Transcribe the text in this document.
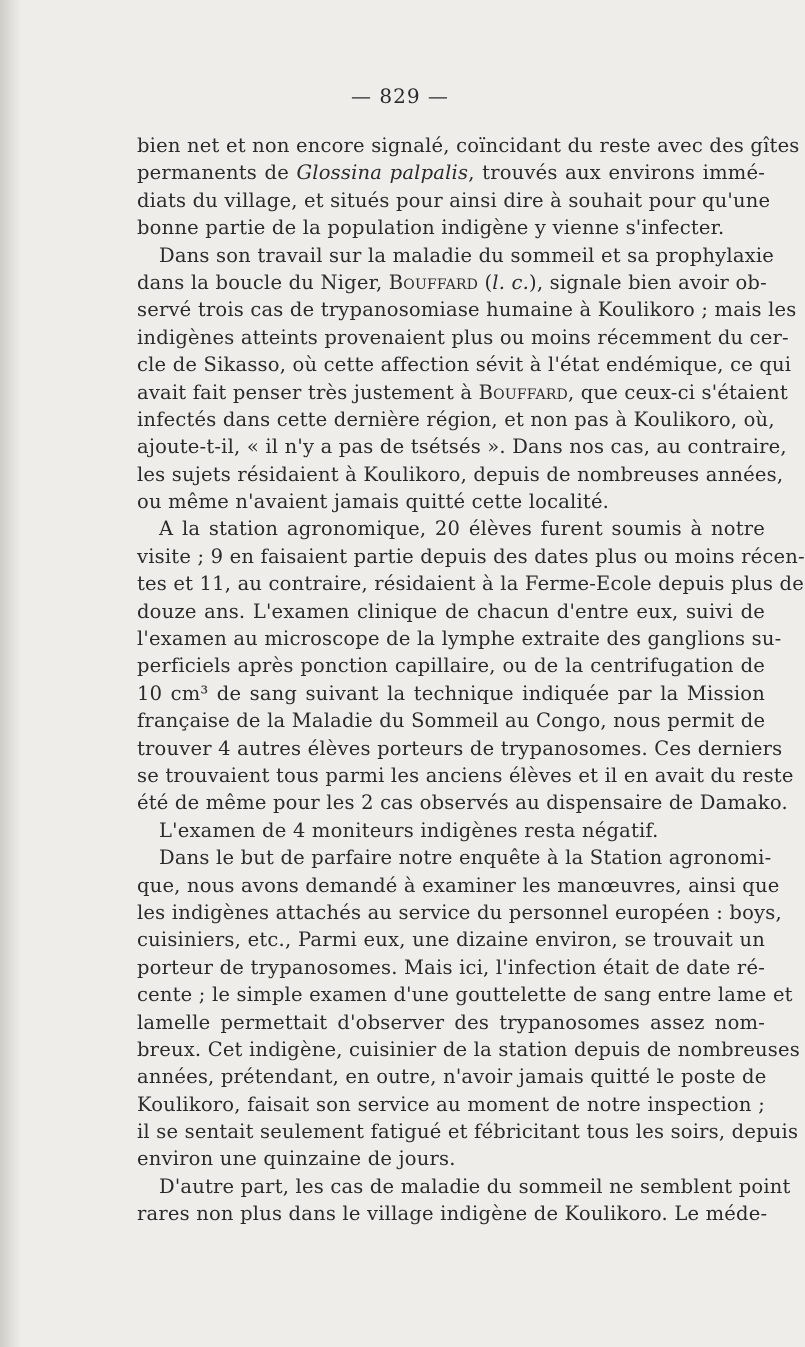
— 829 —
bien net et non encore signalé, coïncidant du reste avec des gîtes
permanents de Glossina palpalis, trouvés aux environs immé-
diats du village, et situés pour ainsi dire à souhait pour qu'une
bonne partie de la population indigène y vienne s'infecter.
Dans son travail sur la maladie du sommeil et sa prophylaxie
dans la boucle du Niger, Bouffard (l. c.), signale bien avoir ob-
servé trois cas de trypanosomiase humaine à Koulikoro ; mais les
indigènes atteints provenaient plus ou moins récemment du cer-
cle de Sikasso, où cette affection sévit à l'état endémique, ce qui
avait fait penser très justement à Bouffard, que ceux-ci s'étaient
infectés dans cette dernière région, et non pas à Koulikoro, où,
ajoute-t-il, « il n'y a pas de tsétsés ». Dans nos cas, au contraire,
les sujets résidaient à Koulikoro, depuis de nombreuses années,
ou même n'avaient jamais quitté cette localité.
A la station agronomique, 20 élèves furent soumis à notre
visite ; 9 en faisaient partie depuis des dates plus ou moins récen-
tes et 11, au contraire, résidaient à la Ferme-Ecole depuis plus de
douze ans. L'examen clinique de chacun d'entre eux, suivi de
l'examen au microscope de la lymphe extraite des ganglions su-
perficiels après ponction capillaire, ou de la centrifugation de
10 cm³ de sang suivant la technique indiquée par la Mission
française de la Maladie du Sommeil au Congo, nous permit de
trouver 4 autres élèves porteurs de trypanosomes. Ces derniers
se trouvaient tous parmi les anciens élèves et il en avait du reste
été de même pour les 2 cas observés au dispensaire de Damako.
L'examen de 4 moniteurs indigènes resta négatif.
Dans le but de parfaire notre enquête à la Station agronomi-
que, nous avons demandé à examiner les manœuvres, ainsi que
les indigènes attachés au service du personnel européen : boys,
cuisiniers, etc., Parmi eux, une dizaine environ, se trouvait un
porteur de trypanosomes. Mais ici, l'infection était de date ré-
cente ; le simple examen d'une gouttelette de sang entre lame et
lamelle permettait d'observer des trypanosomes assez nom-
breux. Cet indigène, cuisinier de la station depuis de nombreuses
années, prétendant, en outre, n'avoir jamais quitté le poste de
Koulikoro, faisait son service au moment de notre inspection ;
il se sentait seulement fatigué et fébricitant tous les soirs, depuis
environ une quinzaine de jours.
D'autre part, les cas de maladie du sommeil ne semblent point
rares non plus dans le village indigène de Koulikoro. Le méde-
